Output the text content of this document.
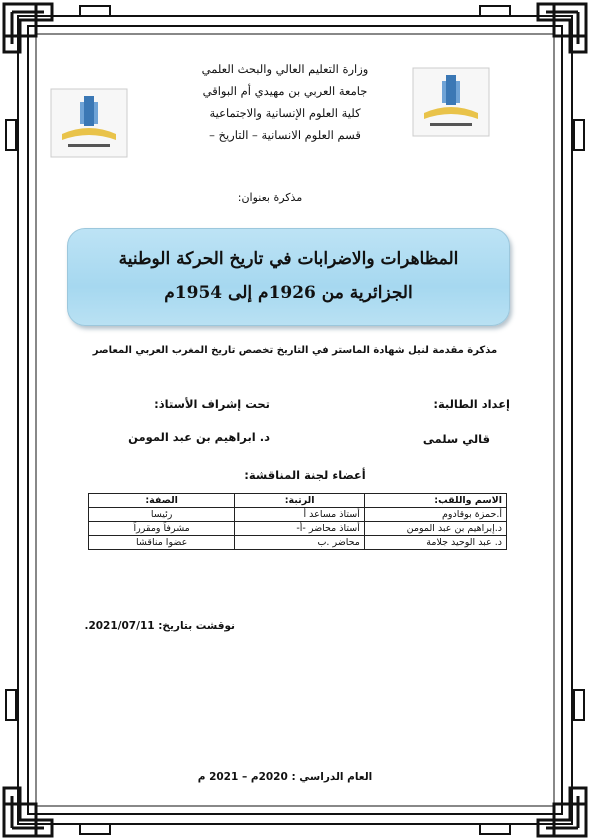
وزارة التعليم العالي والبحث العلمي
جامعة العربي بن مهيدي أم البواقي
كلية العلوم الإنسانية والاجتماعية
قسم العلوم الانسانية – التاريخ –
مذكرة بعنوان:
المظاهرات والاضرابات في تاريخ الحركة الوطنية
الجزائرية من 1926م إلى 1954م
مذكرة مقدمة لنيل شهادة الماستر في التاريخ تخصص تاريخ المغرب العربي المعاصر
إعداد الطالبة:
تحت إشراف الأستاذ:
قالي سلمى
د. ابراهيم بن عبد المومن
أعضاء لجنة المناقشة:
الاسم واللقب:	الرتبة:	الصفة:
أ.حمزة بوقادوم	أستاذ مساعد أ	رئيسا
د.إبراهيم بن عبد المومن	أستاذ محاضر -أ-	مشرفاً ومقرراً
د. عبد الوحيد جلامة	محاضر .ب	عضوا مناقشا
نوقشت بتاريخ: 2021/07/11.
العام الدراسي : 2020م – 2021 م
